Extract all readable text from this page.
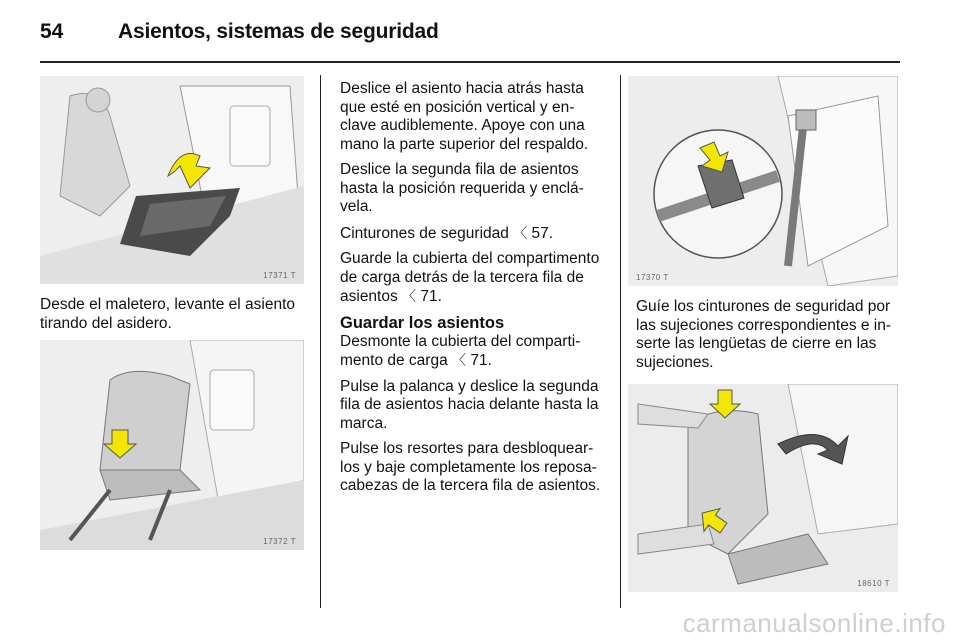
54	Asientos, sistemas de seguridad
17371 T

Desde el maletero, levante el asiento tirando del asidero.

17372 T

Deslice el asiento hacia atrás hasta que esté en posición vertical y en- clave audiblemente. Apoye con una mano la parte superior del respaldo.

Deslice la segunda fila de asientos hasta la posición requerida y enclá- vela.

Cinturones de seguridad 〈 57.

Guarde la cubierta del compartimento de carga detrás de la tercera fila de asientos 〈 71.

Guardar los asientos

Desmonte la cubierta del comparti- mento de carga 〈 71.

Pulse la palanca y deslice la segunda fila de asientos hacia delante hasta la marca.

Pulse los resortes para desbloquear- los y baje completamente los reposa- cabezas de la tercera fila de asientos.

17370 T

Guíe los cinturones de seguridad por las sujeciones correspondientes e in- serte las lengüetas de cierre en las sujeciones.

18610 T
carmanualsonline.info
